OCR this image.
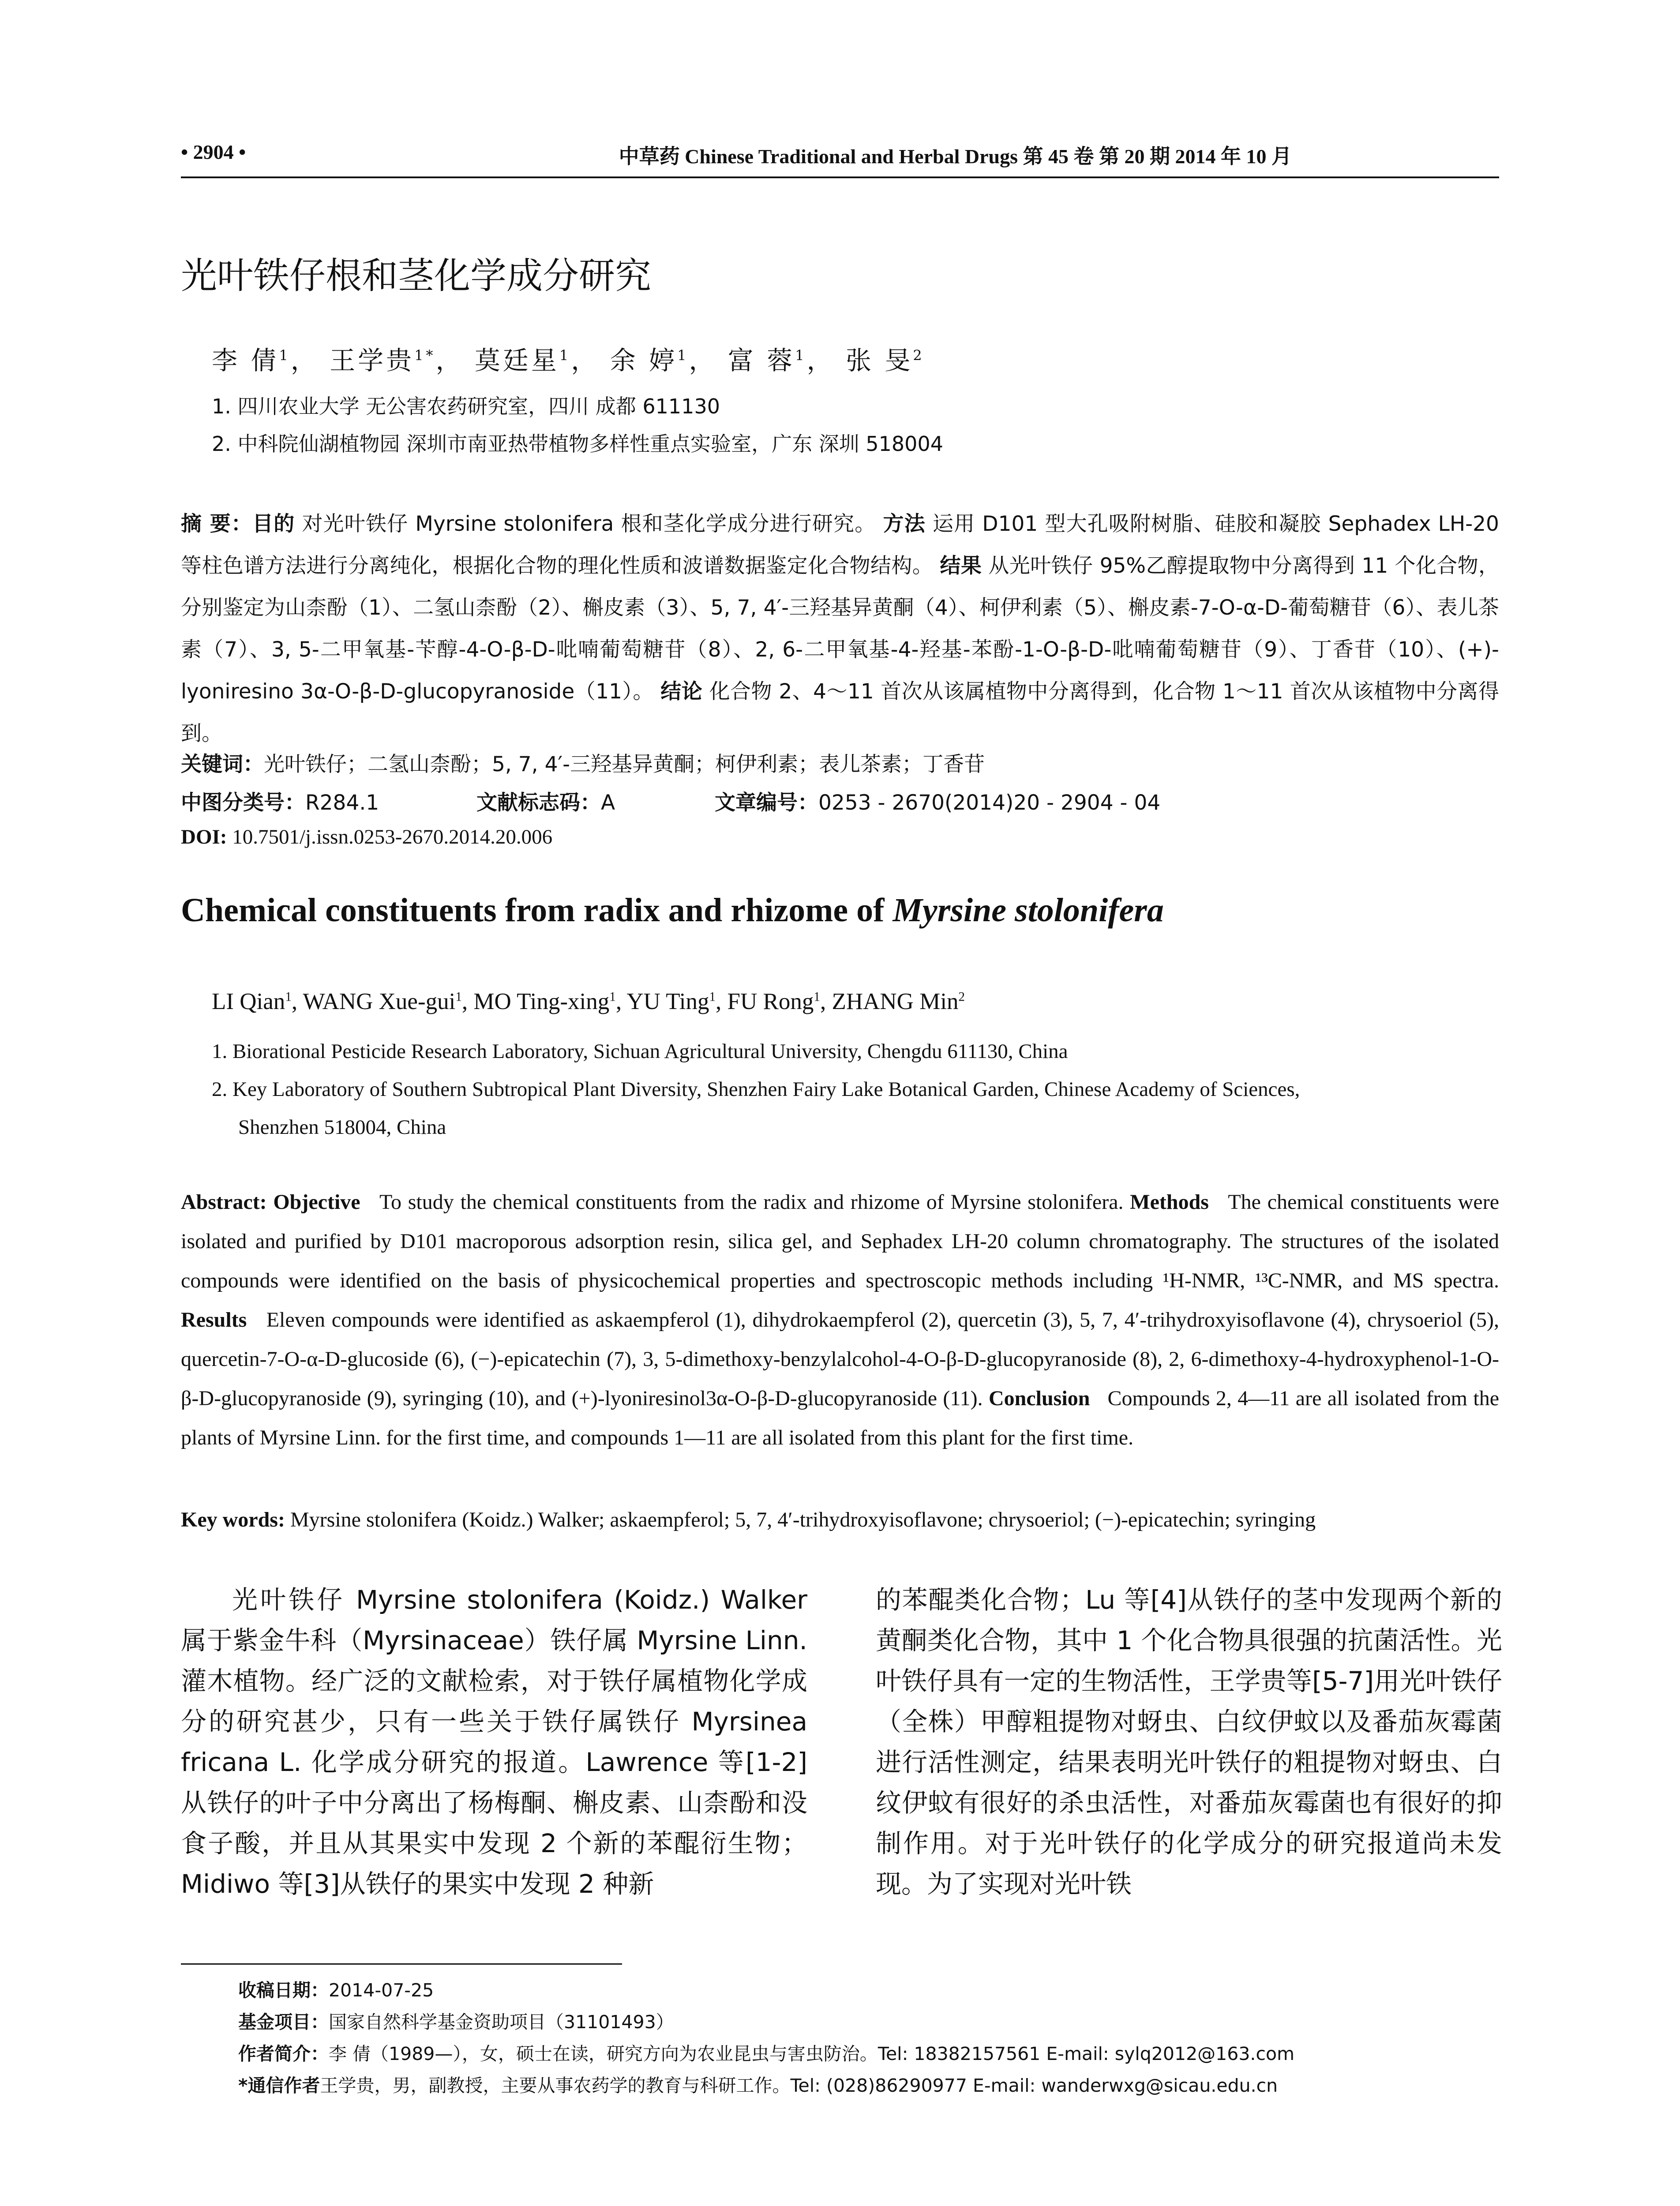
• 2904 •	中草药 Chinese Traditional and Herbal Drugs 第 45 卷 第 20 期 2014 年 10 月
光叶铁仔根和茎化学成分研究
李 倩$^1$， 王学贵$^{1*}$， 莫廷星$^1$， 余 婷$^1$， 富 蓉$^1$， 张 旻$^2$
1. 四川农业大学 无公害农药研究室，四川 成都 611130
2. 中科院仙湖植物园 深圳市南亚热带植物多样性重点实验室，广东 深圳 518004
摘 要：目的 对光叶铁仔 Myrsine stolonifera 根和茎化学成分进行研究。 方法 运用 D101 型大孔吸附树脂、硅胶和凝胶 Sephadex LH-20 等柱色谱方法进行分离纯化，根据化合物的理化性质和波谱数据鉴定化合物结构。 结果 从光叶铁仔 95%乙醇提取物中分离得到 11 个化合物，分别鉴定为山柰酚（1）、二氢山柰酚（2）、槲皮素（3）、5, 7, 4′-三羟基异黄酮（4）、柯伊利素（5）、槲皮素-7-O-α-D-葡萄糖苷（6）、表儿茶素（7）、3, 5-二甲氧基-苄醇-4-O-β-D-吡喃葡萄糖苷（8）、2, 6-二甲氧基-4-羟基-苯酚-1-O-β-D-吡喃葡萄糖苷（9）、丁香苷（10）、(+)-lyoniresino 3α-O-β-D-glucopyranoside（11）。 结论 化合物 2、4～11 首次从该属植物中分离得到，化合物 1～11 首次从该植物中分离得到。
关键词：光叶铁仔；二氢山柰酚；5, 7, 4′-三羟基异黄酮；柯伊利素；表儿茶素；丁香苷
中图分类号：R284.1	文献标志码：A	文章编号：0253 - 2670(2014)20 - 2904 - 04
DOI: 10.7501/j.issn.0253-2670.2014.20.006
Chemical constituents from radix and rhizome of Myrsine stolonifera
LI Qian$^1$, WANG Xue-gui$^1$, MO Ting-xing$^1$, YU Ting$^1$, FU Rong$^1$, ZHANG Min$^2$
1. Biorational Pesticide Research Laboratory, Sichuan Agricultural University, Chengdu 611130, China
2. Key Laboratory of Southern Subtropical Plant Diversity, Shenzhen Fairy Lake Botanical Garden, Chinese Academy of Sciences,
Shenzhen 518004, China
Abstract: Objective To study the chemical constituents from the radix and rhizome of Myrsine stolonifera. Methods The chemical constituents were isolated and purified by D101 macroporous adsorption resin, silica gel, and Sephadex LH-20 column chromatography. The structures of the isolated compounds were identified on the basis of physicochemical properties and spectroscopic methods including ¹H-NMR, ¹³C-NMR, and MS spectra. Results Eleven compounds were identified as askaempferol (1), dihydrokaempferol (2), quercetin (3), 5, 7, 4′-trihydroxyisoflavone (4), chrysoeriol (5), quercetin-7-O-α-D-glucoside (6), (−)-epicatechin (7), 3, 5-dimethoxy-benzylalcohol-4-O-β-D-glucopyranoside (8), 2, 6-dimethoxy-4-hydroxyphenol-1-O-β-D-glucopyranoside (9), syringing (10), and (+)-lyoniresinol3α-O-β-D-glucopyranoside (11). Conclusion Compounds 2, 4—11 are all isolated from the plants of Myrsine Linn. for the first time, and compounds 1—11 are all isolated from this plant for the first time.
Key words: Myrsine stolonifera (Koidz.) Walker; askaempferol; 5, 7, 4′-trihydroxyisoflavone; chrysoeriol; (−)-epicatechin; syringing

光叶铁仔 Myrsine stolonifera (Koidz.) Walker 属于紫金牛科（Myrsinaceae）铁仔属 Myrsine Linn. 灌木植物。经广泛的文献检索，对于铁仔属植物化学成分的研究甚少，只有一些关于铁仔属铁仔 Myrsinea fricana L. 化学成分研究的报道。Lawrence 等[1-2]从铁仔的叶子中分离出了杨梅酮、槲皮素、山柰酚和没食子酸，并且从其果实中发现 2 个新的苯醌衍生物；Midiwo 等[3]从铁仔的果实中发现 2 种新

的苯醌类化合物；Lu 等[4]从铁仔的茎中发现两个新的黄酮类化合物，其中 1 个化合物具很强的抗菌活性。光叶铁仔具有一定的生物活性，王学贵等[5-7]用光叶铁仔（全株）甲醇粗提物对蚜虫、白纹伊蚊以及番茄灰霉菌进行活性测定，结果表明光叶铁仔的粗提物对蚜虫、白纹伊蚊有很好的杀虫活性，对番茄灰霉菌也有很好的抑制作用。对于光叶铁仔的化学成分的研究报道尚未发现。为了实现对光叶铁

收稿日期：2014-07-25
基金项目：国家自然科学基金资助项目（31101493）
作者简介：李 倩（1989—），女，硕士在读，研究方向为农业昆虫与害虫防治。Tel: 18382157561 E-mail: sylq2012@163.com
*通信作者王学贵，男，副教授，主要从事农药学的教育与科研工作。Tel: (028)86290977 E-mail: wanderwxg@sicau.edu.cn
